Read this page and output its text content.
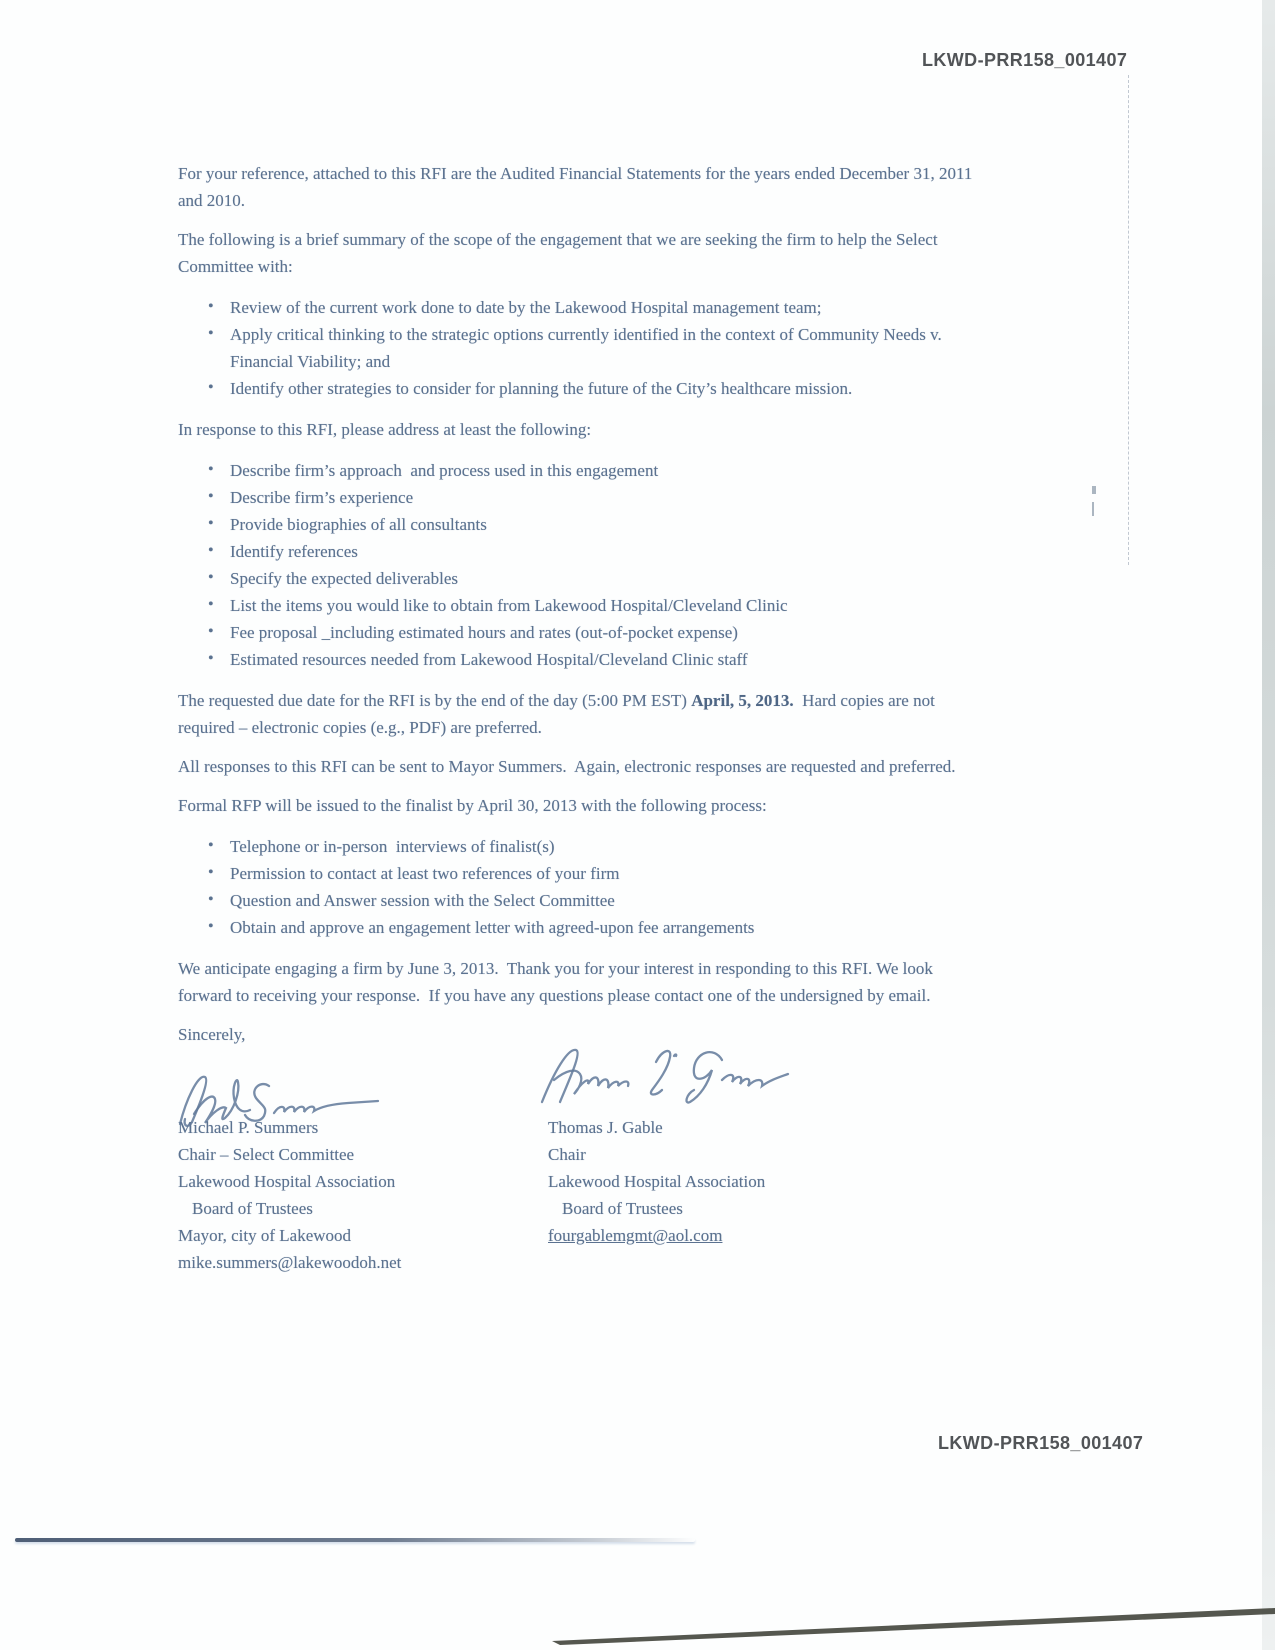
LKWD-PRR158_001407
LKWD-PRR158_001407

For your reference, attached to this RFI are the Audited Financial Statements for the years ended December 31, 2011 and 2010.

The following is a brief summary of the scope of the engagement that we are seeking the firm to help the Select Committee with:

• Review of the current work done to date by the Lakewood Hospital management team;
• Apply critical thinking to the strategic options currently identified in the context of Community Needs v. Financial Viability; and
• Identify other strategies to consider for planning the future of the City’s healthcare mission.

In response to this RFI, please address at least the following:

• Describe firm’s approach  and process used in this engagement
• Describe firm’s experience
• Provide biographies of all consultants
• Identify references
• Specify the expected deliverables
• List the items you would like to obtain from Lakewood Hospital/Cleveland Clinic
• Fee proposal _including estimated hours and rates (out-of-pocket expense)
• Estimated resources needed from Lakewood Hospital/Cleveland Clinic staff

The requested due date for the RFI is by the end of the day (5:00 PM EST) April, 5, 2013.  Hard copies are not required – electronic copies (e.g., PDF) are preferred.

All responses to this RFI can be sent to Mayor Summers.  Again, electronic responses are requested and preferred.

Formal RFP will be issued to the finalist by April 30, 2013 with the following process:

• Telephone or in-person  interviews of finalist(s)
• Permission to contact at least two references of your firm
• Question and Answer session with the Select Committee
• Obtain and approve an engagement letter with agreed-upon fee arrangements

We anticipate engaging a firm by June 3, 2013.  Thank you for your interest in responding to this RFI. We look forward to receiving your response.  If you have any questions please contact one of the undersigned by email.

Sincerely,

Michael P. Summers
Chair – Select Committee
Lakewood Hospital Association
Board of Trustees
Mayor, city of Lakewood
mike.summers@lakewoodoh.net
Thomas J. Gable
Chair
Lakewood Hospital Association
Board of Trustees
fourgablemgmt@aol.com
